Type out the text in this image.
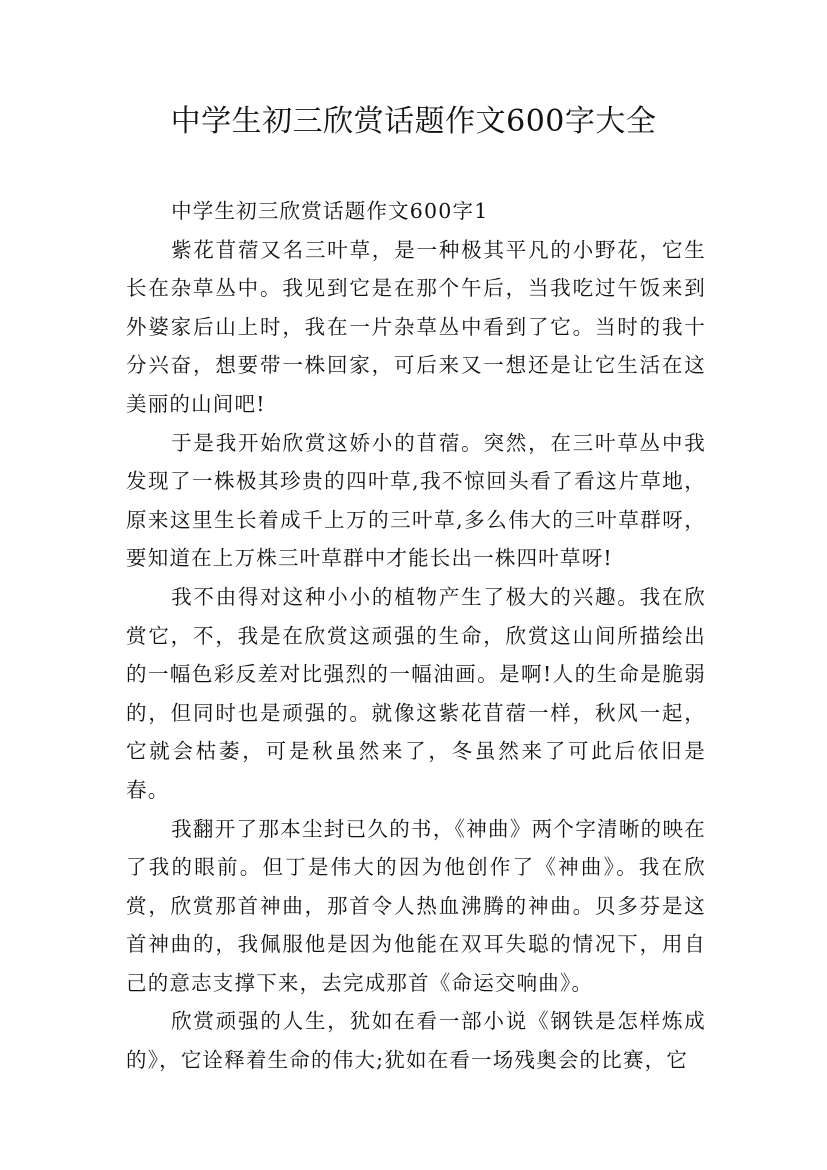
中学生初三欣赏话题作文600字大全

中学生初三欣赏话题作文600字1

紫花苜蓿又名三叶草，是一种极其平凡的小野花，它生长在杂草丛中。我见到它是在那个午后，当我吃过午饭来到外婆家后山上时，我在一片杂草丛中看到了它。当时的我十分兴奋，想要带一株回家，可后来又一想还是让它生活在这美丽的山间吧!

于是我开始欣赏这娇小的苜蓿。突然，在三叶草丛中我发现了一株极其珍贵的四叶草,我不惊回头看了看这片草地，原来这里生长着成千上万的三叶草,多么伟大的三叶草群呀，要知道在上万株三叶草群中才能长出一株四叶草呀!

我不由得对这种小小的植物产生了极大的兴趣。我在欣赏它，不，我是在欣赏这顽强的生命，欣赏这山间所描绘出的一幅色彩反差对比强烈的一幅油画。是啊!人的生命是脆弱的，但同时也是顽强的。就像这紫花苜蓿一样，秋风一起，它就会枯萎，可是秋虽然来了，冬虽然来了可此后依旧是春。

我翻开了那本尘封已久的书，《神曲》两个字清晰的映在了我的眼前。但丁是伟大的因为他创作了《神曲》。我在欣赏，欣赏那首神曲，那首令人热血沸腾的神曲。贝多芬是这首神曲的，我佩服他是因为他能在双耳失聪的情况下，用自己的意志支撑下来，去完成那首《命运交响曲》。

欣赏顽强的人生，犹如在看一部小说《钢铁是怎样炼成的》，它诠释着生命的伟大;犹如在看一场残奥会的比赛，它
